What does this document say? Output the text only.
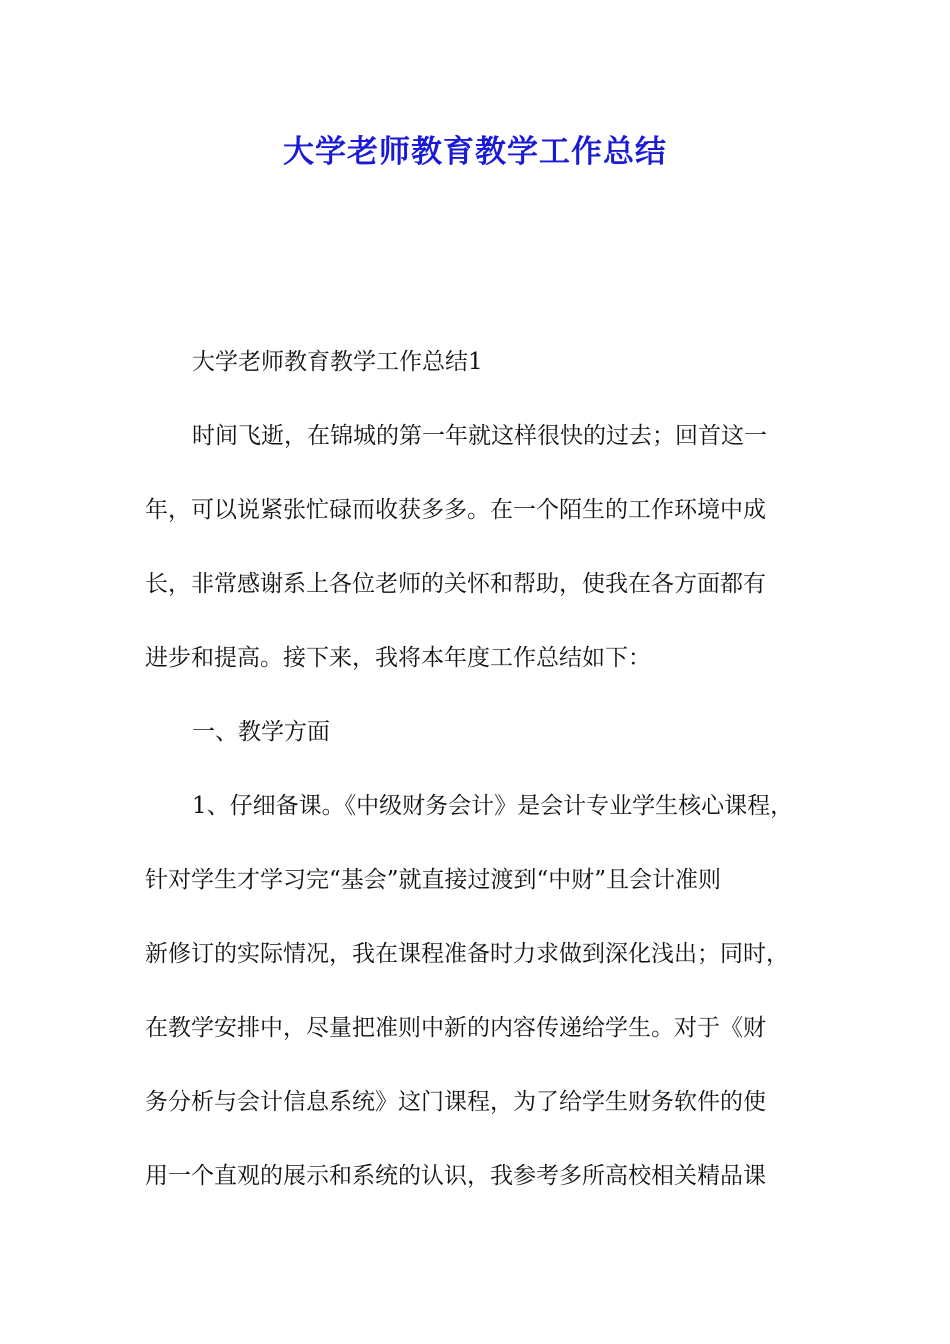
大学老师教育教学工作总结
大学老师教育教学工作总结1
时间飞逝，在锦城的第一年就这样很快的过去；回首这一
年，可以说紧张忙碌而收获多多。在一个陌生的工作环境中成
长，非常感谢系上各位老师的关怀和帮助，使我在各方面都有
进步和提高。接下来，我将本年度工作总结如下：
一、教学方面
1、仔细备课。《中级财务会计》是会计专业学生核心课程，
针对学生才学习完“基会”就直接过渡到“中财”且会计准则
新修订的实际情况，我在课程准备时力求做到深化浅出；同时，
在教学安排中，尽量把准则中新的内容传递给学生。对于《财
务分析与会计信息系统》这门课程，为了给学生财务软件的使
用一个直观的展示和系统的认识，我参考多所高校相关精品课
